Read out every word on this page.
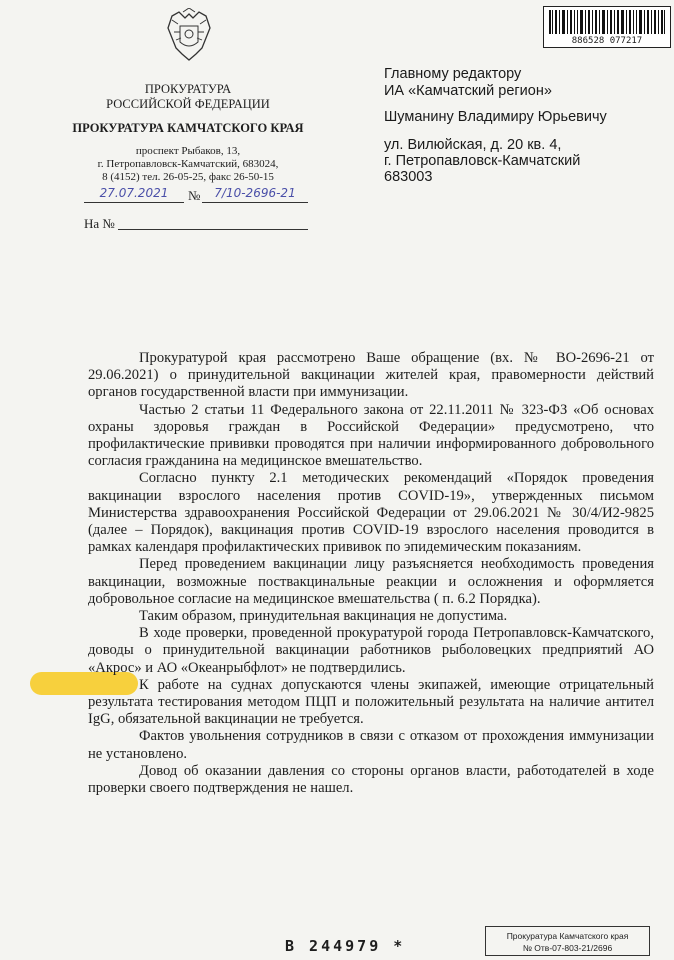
ПРОКУРАТУРА
РОССИЙСКОЙ ФЕДЕРАЦИИ
ПРОКУРАТУРА КАМЧАТСКОГО КРАЯ
проспект Рыбаков, 13,
г. Петропавловск-Камчатский, 683024,
8 (4152) тел. 26-05-25, факс 26-50-15
27.07.2021	№	7/10-2696-21
На №
886528 077217
Главному редактору
ИА «Камчатский регион»
Шуманину Владимиру Юрьевичу
ул. Вилюйская, д. 20 кв. 4,
г. Петропавловск-Камчатский
683003

Прокуратурой края рассмотрено Ваше обращение (вх. № ВО-2696-21 от 29.06.2021) о принудительной вакцинации жителей края, правомерности действий органов государственной власти при иммунизации.

Частью 2 статьи 11 Федерального закона от 22.11.2011 № 323-ФЗ «Об основах охраны здоровья граждан в Российской Федерации» предусмотрено, что профилактические прививки проводятся при наличии информированного добровольного согласия гражданина на медицинское вмешательство.

Согласно пункту 2.1 методических рекомендаций «Порядок проведения вакцинации взрослого населения против COVID-19», утвержденных письмом Министерства здравоохранения Российской Федерации от 29.06.2021 № 30/4/И2-9825 (далее – Порядок), вакцинация против COVID-19 взрослого населения проводится в рамках календаря профилактических прививок по эпидемическим показаниям.

Перед проведением вакцинации лицу разъясняется необходимость проведения вакцинации, возможные поствакцинальные реакции и осложнения и оформляется добровольное согласие на медицинское вмешательства ( п. 6.2 Порядка).

Таким образом, принудительная вакцинация не допустима.

В ходе проверки, проведенной прокуратурой города Петропавловск-Камчатского, доводы о принудительной вакцинации работников рыболовецких предприятий АО «Акрос» и АО «Океанрыбфлот» не подтвердились.

К работе на суднах допускаются члены экипажей, имеющие отрицательный результата тестирования методом ПЦП и положительный результата на наличие антител IgG, обязательной вакцинации не требуется.

Фактов увольнения сотрудников в связи с отказом от прохождения иммунизации не установлено.

Довод об оказании давления со стороны органов власти, работодателей в ходе проверки своего подтверждения не нашел.

В 244979 *
Прокуратура Камчатского края
№ Отв-07-803-21/2696
